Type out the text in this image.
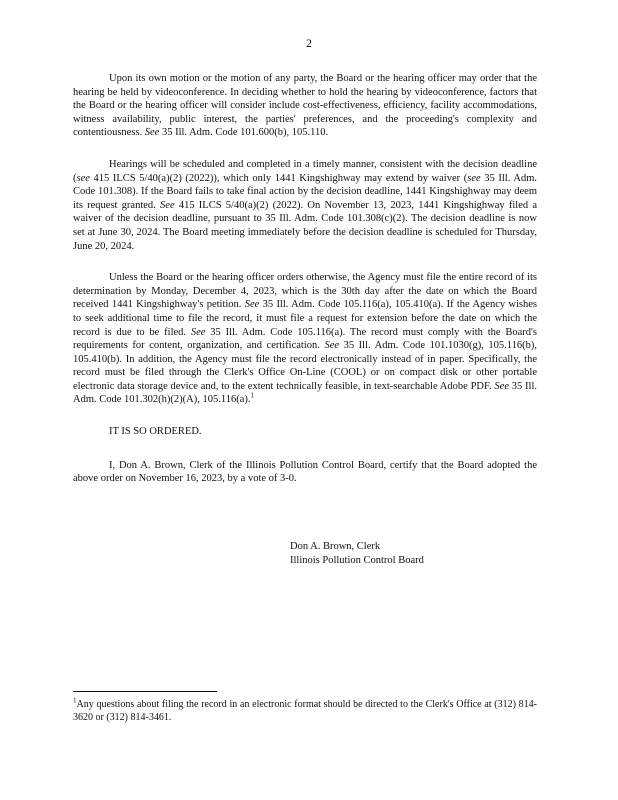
2

Upon its own motion or the motion of any party, the Board or the hearing officer may order that the hearing be held by videoconference. In deciding whether to hold the hearing by videoconference, factors that the Board or the hearing officer will consider include cost-effectiveness, efficiency, facility accommodations, witness availability, public interest, the parties' preferences, and the proceeding's complexity and contentiousness. See 35 Ill. Adm. Code 101.600(b), 105.110.

Hearings will be scheduled and completed in a timely manner, consistent with the decision deadline (see 415 ILCS 5/40(a)(2) (2022)), which only 1441 Kingshighway may extend by waiver (see 35 Ill. Adm. Code 101.308). If the Board fails to take final action by the decision deadline, 1441 Kingshighway may deem its request granted. See 415 ILCS 5/40(a)(2) (2022). On November 13, 2023, 1441 Kingshighway filed a waiver of the decision deadline, pursuant to 35 Ill. Adm. Code 101.308(c)(2). The decision deadline is now set at June 30, 2024. The Board meeting immediately before the decision deadline is scheduled for Thursday, June 20, 2024.

Unless the Board or the hearing officer orders otherwise, the Agency must file the entire record of its determination by Monday, December 4, 2023, which is the 30th day after the date on which the Board received 1441 Kingshighway's petition. See 35 Ill. Adm. Code 105.116(a), 105.410(a). If the Agency wishes to seek additional time to file the record, it must file a request for extension before the date on which the record is due to be filed. See 35 Ill. Adm. Code 105.116(a). The record must comply with the Board's requirements for content, organization, and certification. See 35 Ill. Adm. Code 101.1030(g), 105.116(b), 105.410(b). In addition, the Agency must file the record electronically instead of in paper. Specifically, the record must be filed through the Clerk's Office On-Line (COOL) or on compact disk or other portable electronic data storage device and, to the extent technically feasible, in text-searchable Adobe PDF. See 35 Ill. Adm. Code 101.302(h)(2)(A), 105.116(a).$^1$

IT IS SO ORDERED.

I, Don A. Brown, Clerk of the Illinois Pollution Control Board, certify that the Board adopted the above order on November 16, 2023, by a vote of 3-0.

Don A. Brown, Clerk
Illinois Pollution Control Board
$^1$Any questions about filing the record in an electronic format should be directed to the Clerk's Office at (312) 814-3620 or (312) 814-3461.
